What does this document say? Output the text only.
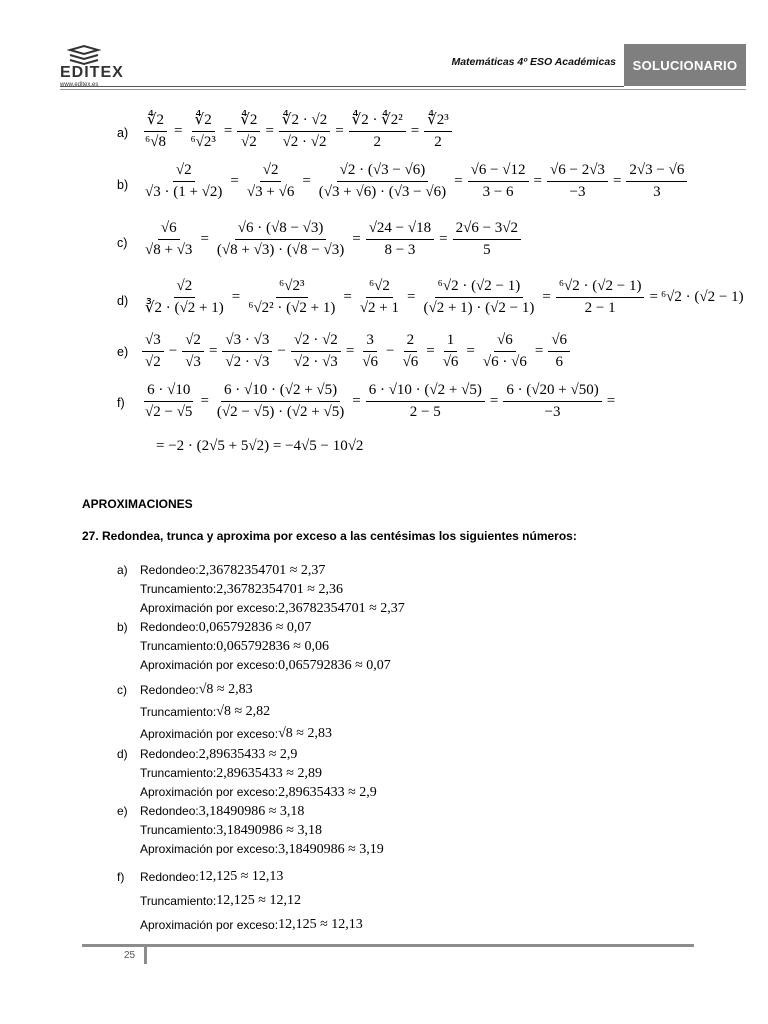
EDITEX
www.editex.es
Matemáticas 4º ESO Académicas	SOLUCIONARIO
$a) \frac{∜2}{\text{⁶√8}} = \frac{∜2}{\text{⁶√2³}} = \frac{∜2}{√2} = \frac{∜2 \cdot √2}{√2 \cdot √2} = \frac{\text{∜2 · ∜2²}}{2} = \frac{\text{∜2³}}{2}$
$b) \frac{√2}{√3 \cdot (1 + √2)} = \frac{√2}{√3 + √6} = \frac{√2 \cdot (√3 - √6)}{(√3 + √6) \cdot (√3 - √6)} = \frac{√6 - √12}{3 - 6} = \frac{√6 - 2√3}{-3} = \frac{2√3 - √6}{3}$
$c) \frac{√6}{√8 + √3} = \frac{√6 \cdot (√8 - √3)}{(√8 + √3) \cdot (√8 - √3)} = \frac{√24 - √18}{8 - 3} = \frac{2√6 - 3√2}{5}$
$d) \frac{√2}{∛2 \cdot (√2 + 1)} = \frac{\text{⁶√2³}}{\text{⁶√2² · (√2 + 1)}} = \frac{\text{⁶√2}}{√2 + 1} = \frac{\text{⁶√2 · (√2 − 1)}}{(√2 + 1) \cdot (√2 - 1)} = \frac{\text{⁶√2 · (√2 − 1)}}{2 - 1} = ^6√2 \cdot (√2 - 1)$
$e) \frac{√3}{√2} - \frac{√2}{√3} = \frac{√3 \cdot √3}{√2 \cdot √3} - \frac{√2 \cdot √2}{√2 \cdot √3} = \frac{3}{√6} - \frac{2}{√6} = \frac{1}{√6} = \frac{√6}{√6 \cdot √6} = \frac{√6}{6}$
$f) \frac{6 \cdot √10}{√2 - √5} = \frac{6 \cdot √10 \cdot (√2 + √5)}{(√2 - √5) \cdot (√2 + √5)} = \frac{6 \cdot √10 \cdot (√2 + √5)}{2 - 5} = \frac{6 \cdot (√20 + √50)}{-3}$ =
= −2 · (2√5 + 5√2) = −4√5 − 10√2
APROXIMACIONES
27. Redondea, trunca y aproxima por exceso a las centésimas los siguientes números:
a)	Redondeo: 2,36782354701 ≈ 2,37
Truncamiento: 2,36782354701 ≈ 2,36
Aproximación por exceso: 2,36782354701 ≈ 2,37
b)	Redondeo: 0,065792836 ≈ 0,07
Truncamiento: 0,065792836 ≈ 0,06
Aproximación por exceso: 0,065792836 ≈ 0,07
c)	Redondeo: √8 ≈ 2,83
Truncamiento: √8 ≈ 2,82
Aproximación por exceso: √8 ≈ 2,83
d)	Redondeo: 2,89635433 ≈ 2,9
Truncamiento: 2,89635433 ≈ 2,89
Aproximación por exceso: 2,89635433 ≈ 2,9
e)	Redondeo: 3,18490986 ≈ 3,18
Truncamiento: 3,18490986 ≈ 3,18
Aproximación por exceso: 3,18490986 ≈ 3,19
f)	Redondeo: 12,125 ≈ 12,13
Truncamiento: 12,125 ≈ 12,12
Aproximación por exceso: 12,125 ≈ 12,13
25
